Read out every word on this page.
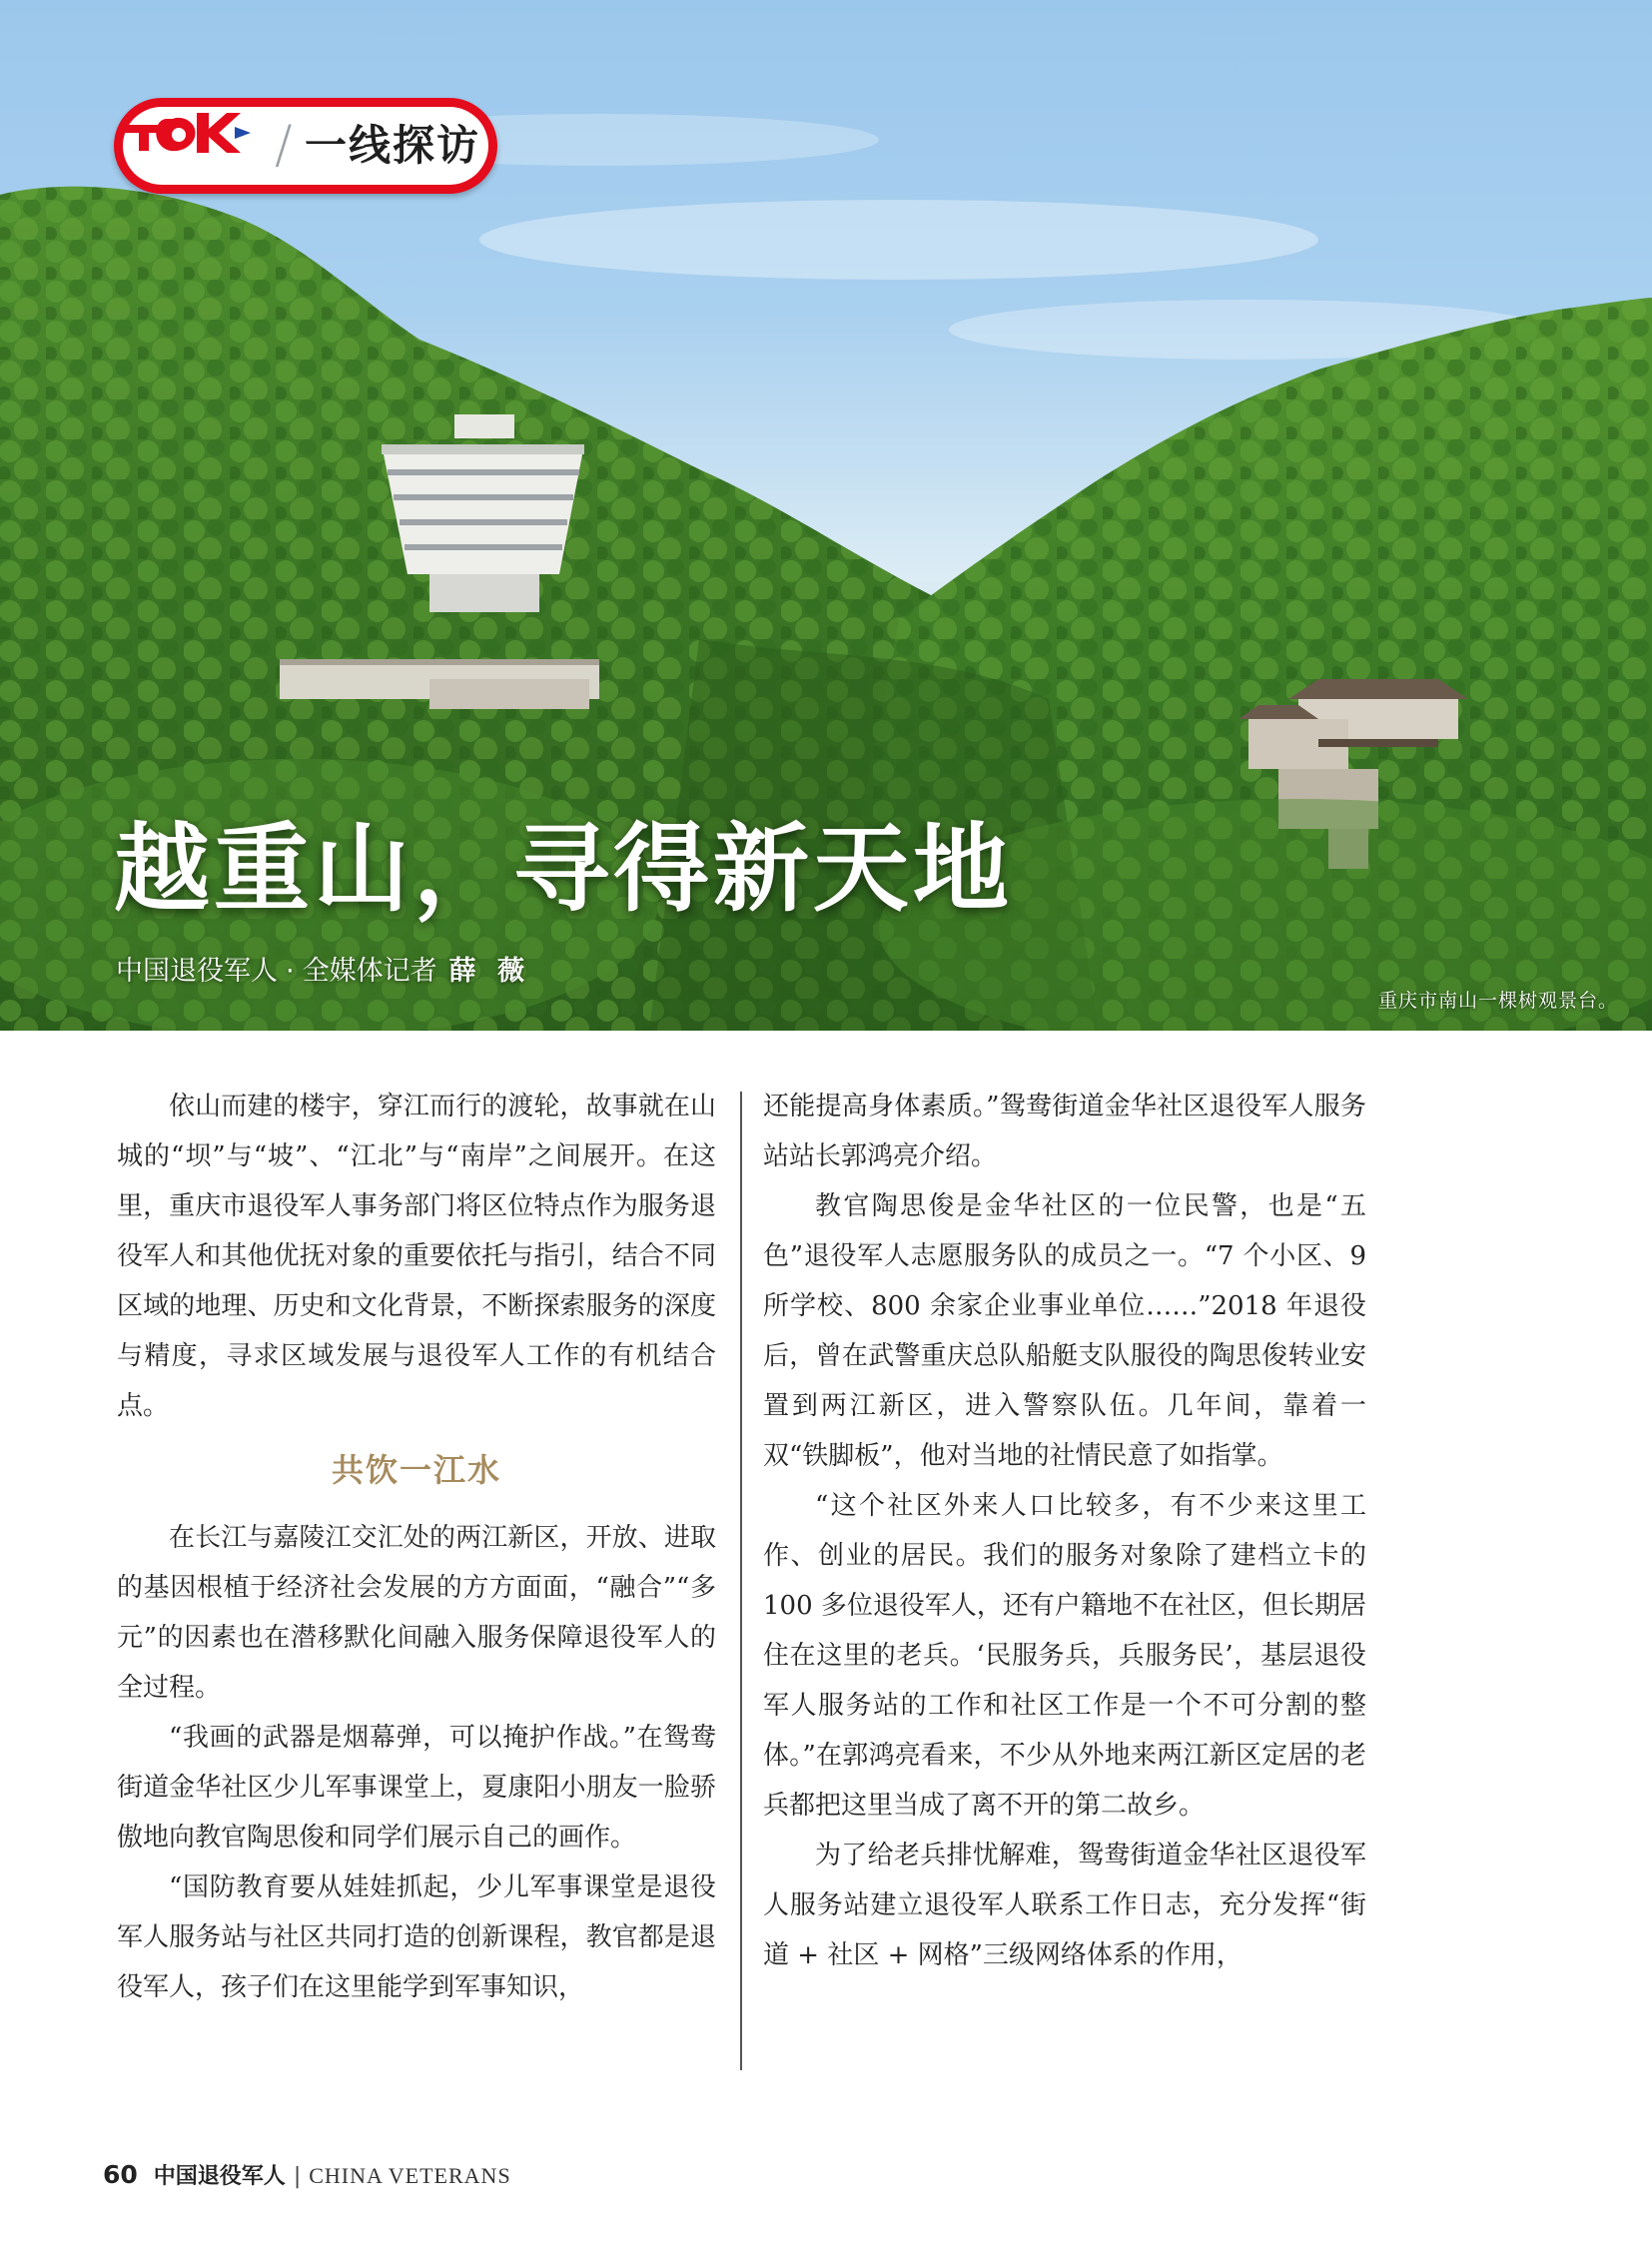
/ 一线探访
越重山，寻得新天地
中国退役军人 · 全媒体记者 薛 薇
重庆市南山一棵树观景台。

依山而建的楼宇，穿江而行的渡轮，故事就在山城的“坝”与“坡”、“江北”与“南岸”之间展开。在这里，重庆市退役军人事务部门将区位特点作为服务退役军人和其他优抚对象的重要依托与指引，结合不同区域的地理、历史和文化背景，不断探索服务的深度与精度，寻求区域发展与退役军人工作的有机结合点。

共饮一江水

在长江与嘉陵江交汇处的两江新区，开放、进取的基因根植于经济社会发展的方方面面，“融合”“多元”的因素也在潜移默化间融入服务保障退役军人的全过程。

“我画的武器是烟幕弹，可以掩护作战。”在鸳鸯街道金华社区少儿军事课堂上，夏康阳小朋友一脸骄傲地向教官陶思俊和同学们展示自己的画作。

“国防教育要从娃娃抓起，少儿军事课堂是退役军人服务站与社区共同打造的创新课程，教官都是退役军人，孩子们在这里能学到军事知识，

还能提高身体素质。”鸳鸯街道金华社区退役军人服务站站长郭鸿亮介绍。

教官陶思俊是金华社区的一位民警，也是“五色”退役军人志愿服务队的成员之一。“7 个小区、9 所学校、800 余家企业事业单位……”2018 年退役后，曾在武警重庆总队船艇支队服役的陶思俊转业安置到两江新区，进入警察队伍。几年间，靠着一双“铁脚板”，他对当地的社情民意了如指掌。

“这个社区外来人口比较多，有不少来这里工作、创业的居民。我们的服务对象除了建档立卡的 100 多位退役军人，还有户籍地不在社区，但长期居住在这里的老兵。‘民服务兵，兵服务民’，基层退役军人服务站的工作和社区工作是一个不可分割的整体。”在郭鸿亮看来，不少从外地来两江新区定居的老兵都把这里当成了离不开的第二故乡。

为了给老兵排忧解难，鸳鸯街道金华社区退役军人服务站建立退役军人联系工作日志，充分发挥“街道 + 社区 + 网格”三级网络体系的作用，

60 中国退役军人 | CHINA VETERANS
